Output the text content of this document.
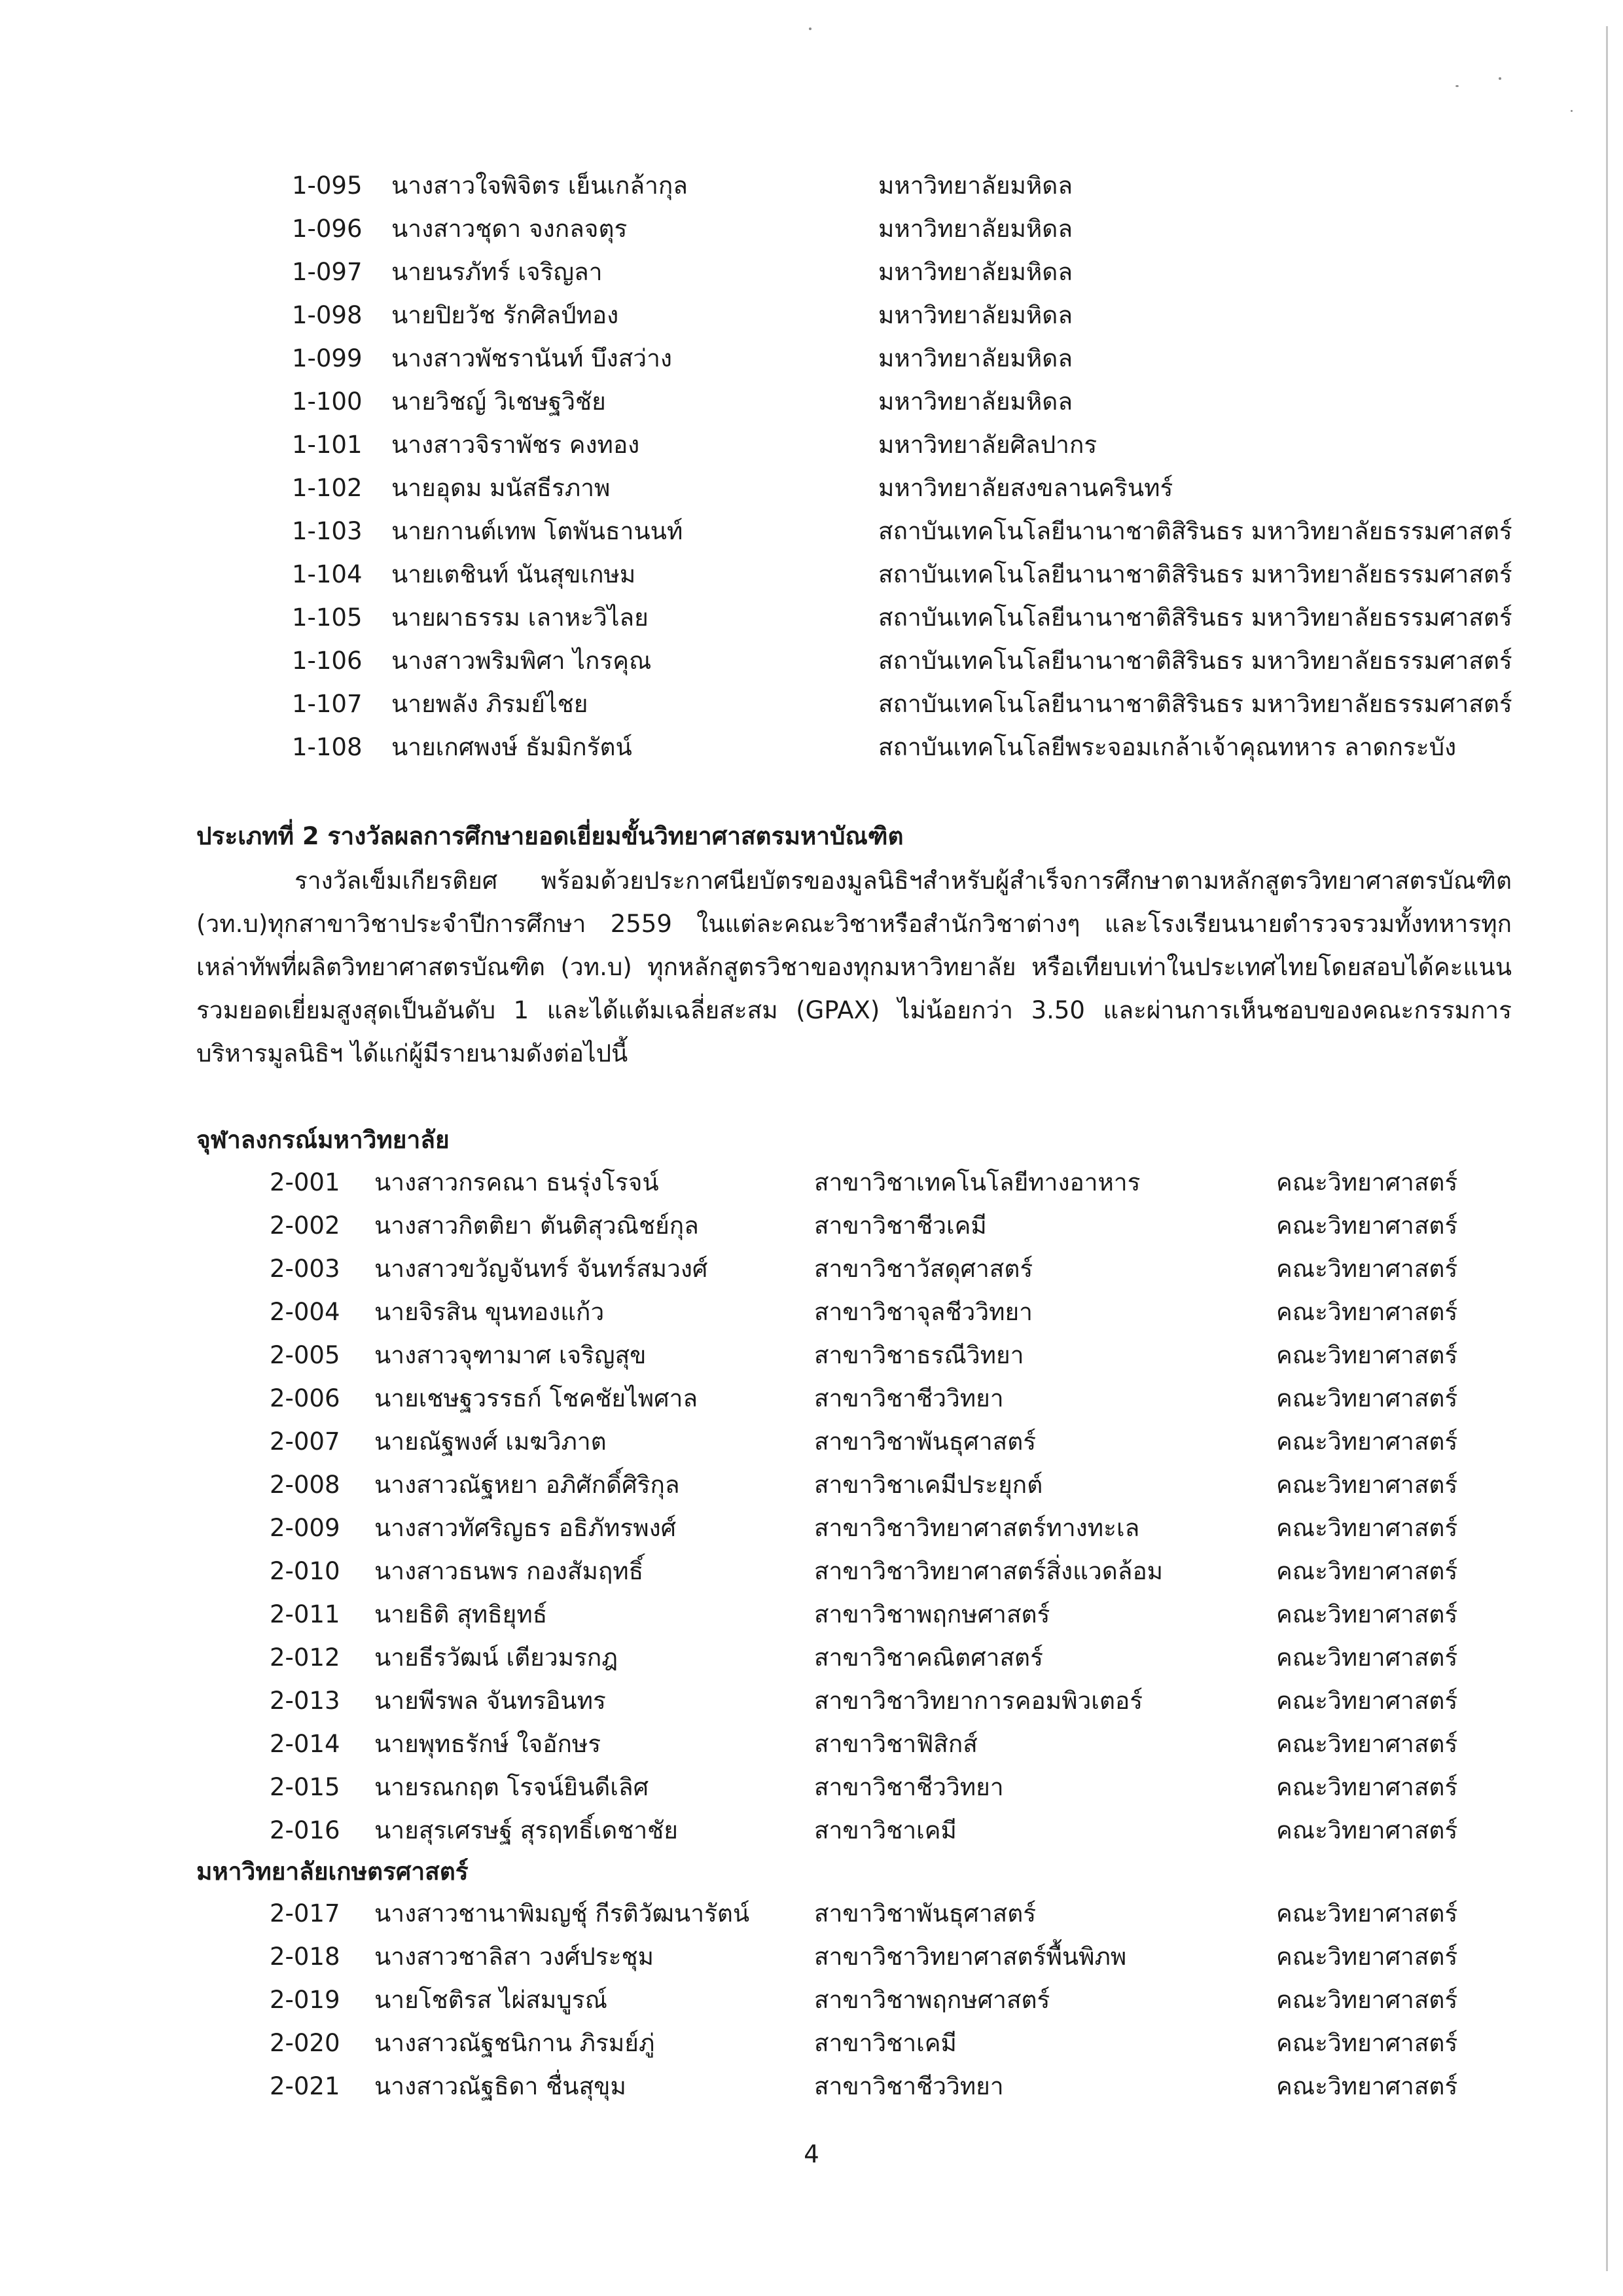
1-095 นางสาวใจพิจิตร เย็นเกล้ากุล	มหาวิทยาลัยมหิดล
1-096 นางสาวชุดา จงกลจตุร	มหาวิทยาลัยมหิดล
1-097 นายนรภัทร์ เจริญลา	มหาวิทยาลัยมหิดล
1-098 นายปิยวัช รักศิลป์ทอง	มหาวิทยาลัยมหิดล
1-099 นางสาวพัชรานันท์ บึงสว่าง	มหาวิทยาลัยมหิดล
1-100 นายวิชญ์ วิเชษฐวิชัย	มหาวิทยาลัยมหิดล
1-101 นางสาวจิราพัชร คงทอง	มหาวิทยาลัยศิลปากร
1-102 นายอุดม มนัสธีรภาพ	มหาวิทยาลัยสงขลานครินทร์
1-103 นายกานต์เทพ โตพันธานนท์	สถาบันเทคโนโลยีนานาชาติสิรินธร มหาวิทยาลัยธรรมศาสตร์
1-104 นายเตชินท์ นันสุขเกษม	สถาบันเทคโนโลยีนานาชาติสิรินธร มหาวิทยาลัยธรรมศาสตร์
1-105 นายผาธรรม เลาหะวิไลย	สถาบันเทคโนโลยีนานาชาติสิรินธร มหาวิทยาลัยธรรมศาสตร์
1-106 นางสาวพริมพิศา ไกรคุณ	สถาบันเทคโนโลยีนานาชาติสิรินธร มหาวิทยาลัยธรรมศาสตร์
1-107 นายพลัง ภิรมย์ไชย	สถาบันเทคโนโลยีนานาชาติสิรินธร มหาวิทยาลัยธรรมศาสตร์
1-108 นายเกศพงษ์ ธัมมิกรัตน์	สถาบันเทคโนโลยีพระจอมเกล้าเจ้าคุณทหาร ลาดกระบัง
ประเภทที่ 2 รางวัลผลการศึกษายอดเยี่ยมขั้นวิทยาศาสตรมหาบัณฑิต
รางวัลเข็มเกียรติยศ พร้อมด้วยประกาศนียบัตรของมูลนิธิฯสำหรับผู้สำเร็จการศึกษาตามหลักสูตรวิทยาศาสตรบัณฑิต (วท.บ)ทุกสาขาวิชาประจำปีการศึกษา 2559 ในแต่ละคณะวิชาหรือสำนักวิชาต่างๆ และโรงเรียนนายตำรวจรวมทั้งทหารทุกเหล่าทัพที่ผลิตวิทยาศาสตรบัณฑิต (วท.บ) ทุกหลักสูตรวิชาของทุกมหาวิทยาลัย หรือเทียบเท่าในประเทศไทยโดยสอบได้คะแนนรวมยอดเยี่ยมสูงสุดเป็นอันดับ 1 และได้แต้มเฉลี่ยสะสม (GPAX) ไม่น้อยกว่า 3.50 และผ่านการเห็นชอบของคณะกรรมการบริหารมูลนิธิฯ ได้แก่ผู้มีรายนามดังต่อไปนี้
จุฬาลงกรณ์มหาวิทยาลัย
2-001 นางสาวกรคณา ธนรุ่งโรจน์	สาขาวิชาเทคโนโลยีทางอาหาร	คณะวิทยาศาสตร์
2-002 นางสาวกิตติยา ตันติสุวณิชย์กุล	สาขาวิชาชีวเคมี	คณะวิทยาศาสตร์
2-003 นางสาวขวัญจันทร์ จันทร์สมวงศ์	สาขาวิชาวัสดุศาสตร์	คณะวิทยาศาสตร์
2-004 นายจิรสิน ขุนทองแก้ว	สาขาวิชาจุลชีววิทยา	คณะวิทยาศาสตร์
2-005 นางสาวจุฑามาศ เจริญสุข	สาขาวิชาธรณีวิทยา	คณะวิทยาศาสตร์
2-006 นายเชษฐวรรธก์ โชคชัยไพศาล	สาขาวิชาชีววิทยา	คณะวิทยาศาสตร์
2-007 นายณัฐพงศ์ เมฆวิภาต	สาขาวิชาพันธุศาสตร์	คณะวิทยาศาสตร์
2-008 นางสาวณัฐหยา อภิศักดิ์ศิริกุล	สาขาวิชาเคมีประยุกต์	คณะวิทยาศาสตร์
2-009 นางสาวทัศริญธร อธิภัทรพงศ์	สาขาวิชาวิทยาศาสตร์ทางทะเล	คณะวิทยาศาสตร์
2-010 นางสาวธนพร กองสัมฤทธิ์	สาขาวิชาวิทยาศาสตร์สิ่งแวดล้อม	คณะวิทยาศาสตร์
2-011 นายธิติ สุทธิยุทธ์	สาขาวิชาพฤกษศาสตร์	คณะวิทยาศาสตร์
2-012 นายธีรวัฒน์ เตียวมรกฎ	สาขาวิชาคณิตศาสตร์	คณะวิทยาศาสตร์
2-013 นายพีรพล จันทรอินทร	สาขาวิชาวิทยาการคอมพิวเตอร์	คณะวิทยาศาสตร์
2-014 นายพุทธรักษ์ ใจอักษร	สาขาวิชาฟิสิกส์	คณะวิทยาศาสตร์
2-015 นายรณกฤต โรจน์ยินดีเลิศ	สาขาวิชาชีววิทยา	คณะวิทยาศาสตร์
2-016 นายสุรเศรษฐ์ สุรฤทธิ์เดชาชัย	สาขาวิชาเคมี	คณะวิทยาศาสตร์
มหาวิทยาลัยเกษตรศาสตร์
2-017 นางสาวชานาพิมญชุ์ กีรติวัฒนารัตน์	สาขาวิชาพันธุศาสตร์	คณะวิทยาศาสตร์
2-018 นางสาวชาลิสา วงศ์ประชุม	สาขาวิชาวิทยาศาสตร์พื้นพิภพ	คณะวิทยาศาสตร์
2-019 นายโชติรส ไผ่สมบูรณ์	สาขาวิชาพฤกษศาสตร์	คณะวิทยาศาสตร์
2-020 นางสาวณัฐชนิกาน ภิรมย์ภู่	สาขาวิชาเคมี	คณะวิทยาศาสตร์
2-021 นางสาวณัฐธิดา ชื่นสุขุม	สาขาวิชาชีววิทยา	คณะวิทยาศาสตร์
4
